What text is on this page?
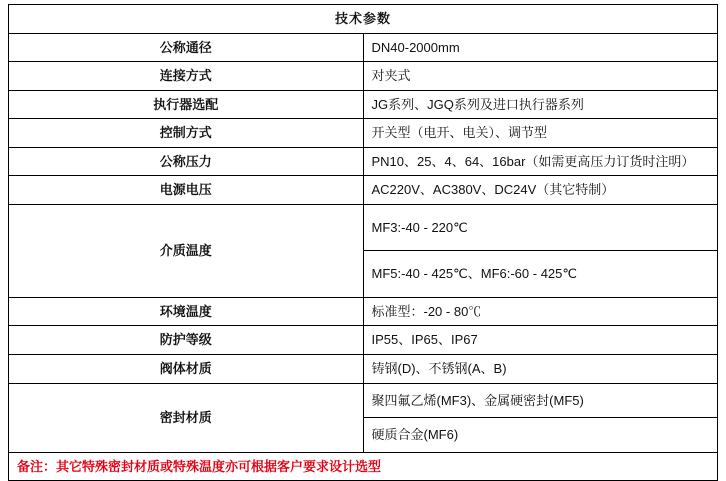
技术参数	
公称通径	DN40-2000mm
连接方式	对夹式
执行器选配	JG系列、JGQ系列及进口执行器系列
控制方式	开关型（电开、电关）、调节型
公称压力	PN10、25、4、64、16bar（如需更高压力订货时注明）
电源电压	AC220V、AC380V、DC24V（其它特制）
介质温度	MF3:-40 - 220℃
MF5:-40 - 425℃、MF6:-60 - 425℃

环境温度	标准型：-20 - 80℃
防护等级	IP55、IP65、IP67
阀体材质	铸钢(D)、不锈钢(A、B)
密封材质	聚四氟乙烯(MF3)、金属硬密封(MF5)
硬质合金(MF6)

备注：其它特殊密封材质或特殊温度亦可根据客户要求设计选型	
